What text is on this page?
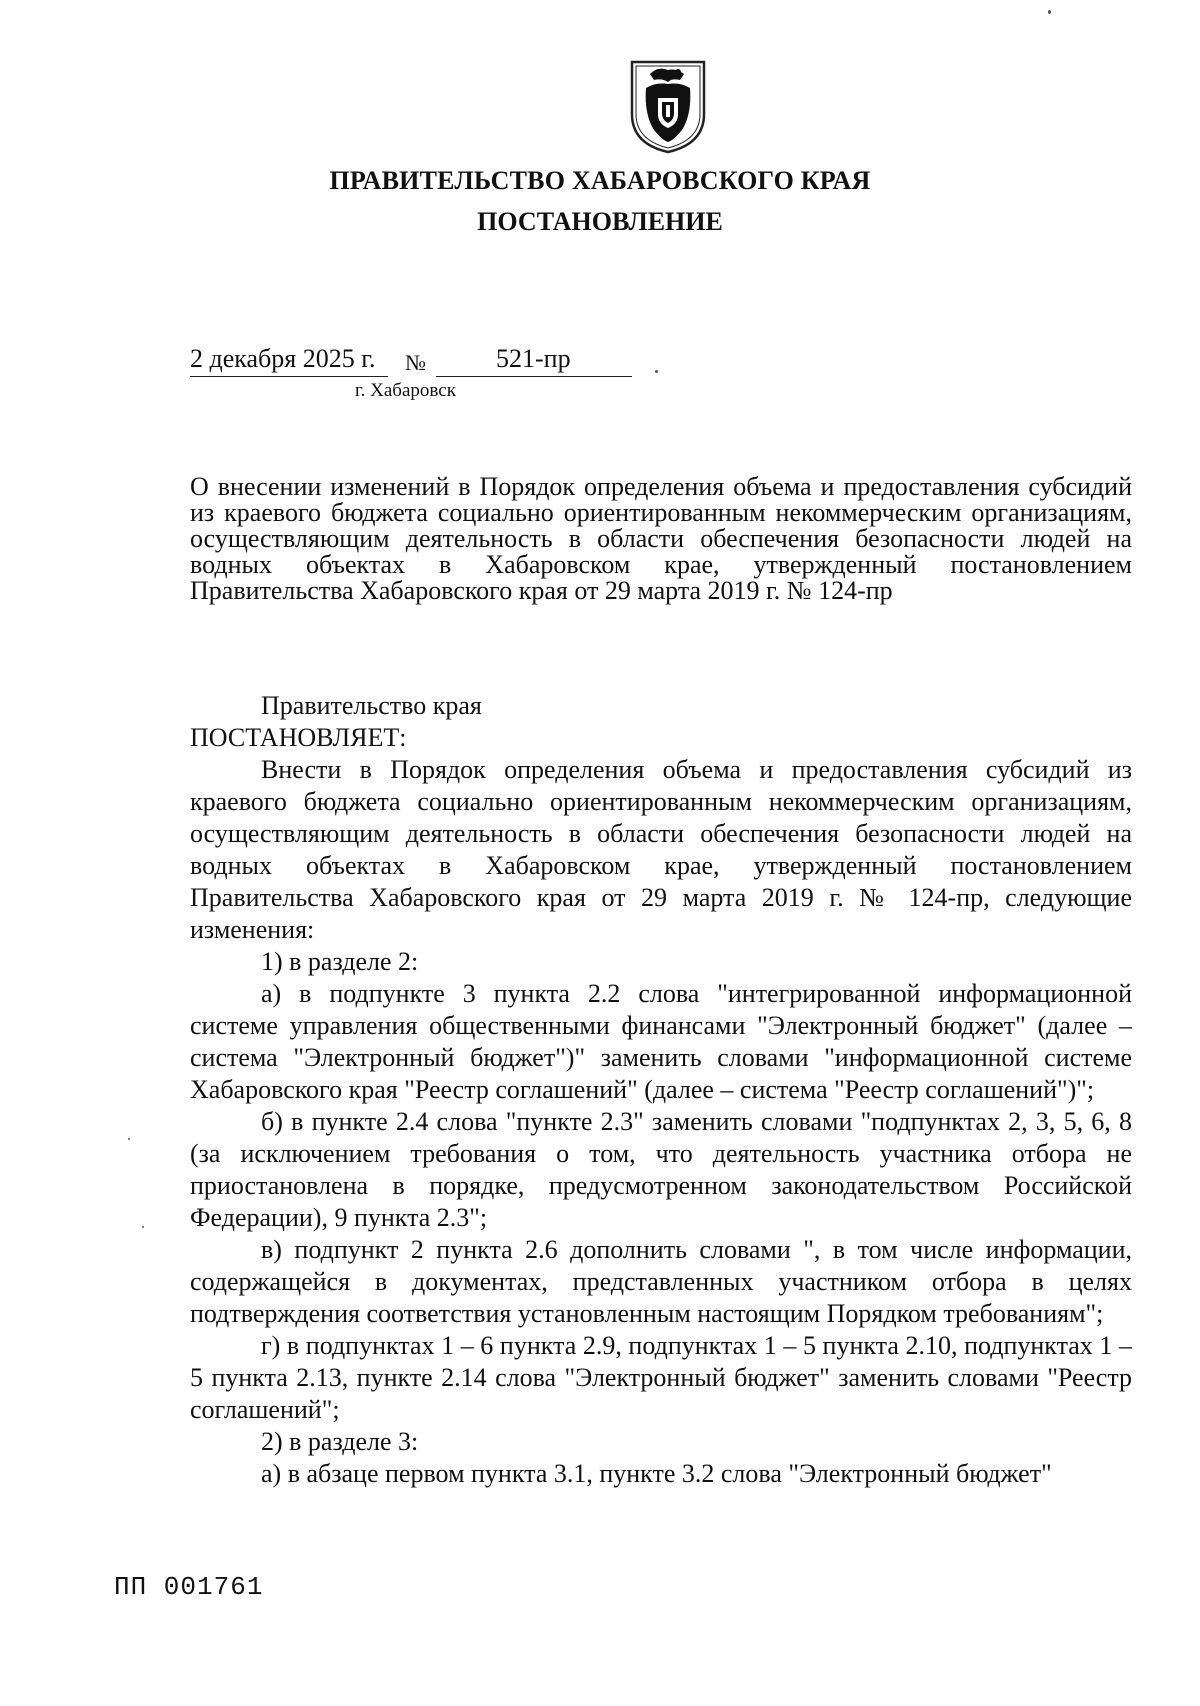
ПРАВИТЕЛЬСТВО ХАБАРОВСКОГО КРАЯ
ПОСТАНОВЛЕНИЕ
2 декабря 2025 г. №	521-пр
г. Хабаровск

О внесении изменений в Порядок определения объема и предоставления субсидий из краевого бюджета социально ориентированным некоммерческим организациям, осуществляющим деятельность в области обеспечения безопасности людей на водных объектах в Хабаровском крае, утвержденный постановлением Правительства Хабаровского края от 29 марта 2019 г. № 124-пр

Правительство края

ПОСТАНОВЛЯЕТ:

Внести в Порядок определения объема и предоставления субсидий из краевого бюджета социально ориентированным некоммерческим организациям, осуществляющим деятельность в области обеспечения безопасности людей на водных объектах в Хабаровском крае, утвержденный постановлением Правительства Хабаровского края от 29 марта 2019 г. № 124-пр, следующие изменения:

1) в разделе 2:

а) в подпункте 3 пункта 2.2 слова "интегрированной информационной системе управления общественными финансами "Электронный бюджет" (далее – система "Электронный бюджет")" заменить словами "информационной системе Хабаровского края "Реестр соглашений" (далее – система "Реестр соглашений")";

б) в пункте 2.4 слова "пункте 2.3" заменить словами "подпунктах 2, 3, 5, 6, 8 (за исключением требования о том, что деятельность участника отбора не приостановлена в порядке, предусмотренном законодательством Российской Федерации), 9 пункта 2.3";

в) подпункт 2 пункта 2.6 дополнить словами ", в том числе информации, содержащейся в документах, представленных участником отбора в целях подтверждения соответствия установленным настоящим Порядком требованиям";

г) в подпунктах 1 – 6 пункта 2.9, подпунктах 1 – 5 пункта 2.10, подпунктах 1 – 5 пункта 2.13, пункте 2.14 слова "Электронный бюджет" заменить словами "Реестр соглашений";

2) в разделе 3:

а) в абзаце первом пункта 3.1, пункте 3.2 слова "Электронный бюджет"

ПП 001761
